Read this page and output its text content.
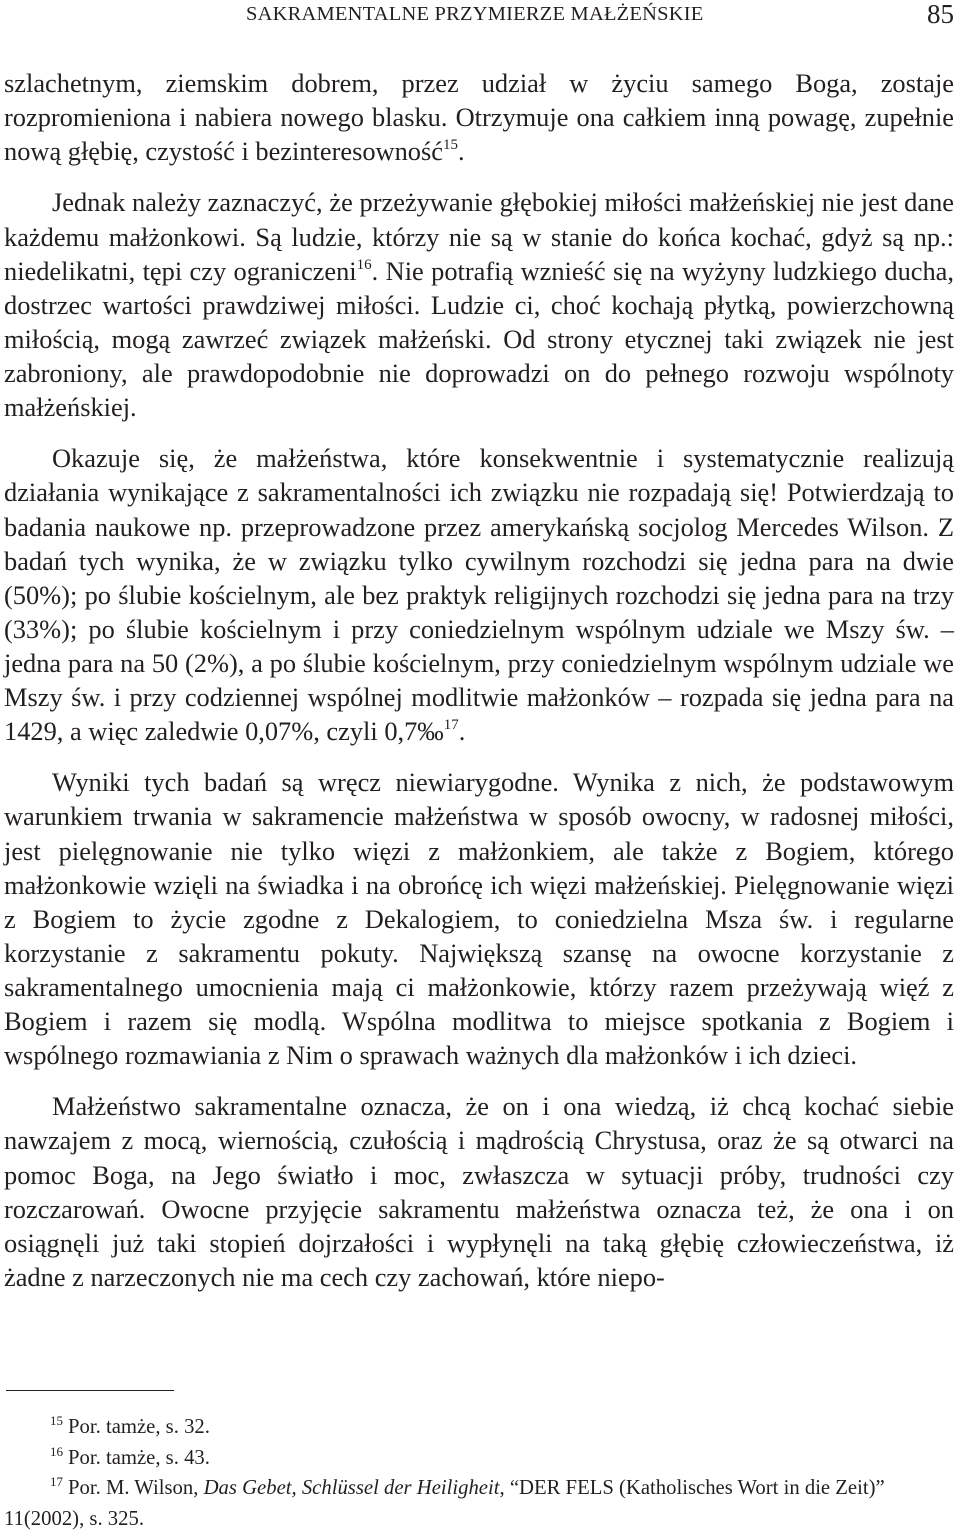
SAKRAMENTALNE PRZYMIERZE MAŁŻEŃSKIE	85

szlachetnym, ziemskim dobrem, przez udział w życiu samego Boga, zostaje rozpromieniona i nabiera nowego blasku. Otrzymuje ona całkiem inną powagę, zupełnie nową głębię, czystość i bezinteresowność$^{15}$.

Jednak należy zaznaczyć, że przeżywanie głębokiej miłości małżeńskiej nie jest dane każdemu małżonkowi. Są ludzie, którzy nie są w stanie do końca kochać, gdyż są np.: niedelikatni, tępi czy ograniczeni$^{16}$. Nie potrafią wznieść się na wyżyny ludzkiego ducha, dostrzec wartości prawdziwej miłości. Ludzie ci, choć kochają płytką, powierzchowną miłością, mogą zawrzeć związek małżeński. Od strony etycznej taki związek nie jest zabroniony, ale prawdopodobnie nie doprowadzi on do pełnego rozwoju wspólnoty małżeńskiej.

Okazuje się, że małżeństwa, które konsekwentnie i systematycznie realizują działania wynikające z sakramentalności ich związku nie rozpadają się! Potwierdzają to badania naukowe np. przeprowadzone przez amerykańską socjolog Mercedes Wilson. Z badań tych wynika, że w związku tylko cywilnym rozchodzi się jedna para na dwie (50%); po ślubie kościelnym, ale bez praktyk religijnych rozchodzi się jedna para na trzy (33%); po ślubie kościelnym i przy coniedzielnym wspólnym udziale we Mszy św. – jedna para na 50 (2%), a po ślubie kościelnym, przy coniedzielnym wspólnym udziale we Mszy św. i przy codziennej wspólnej modlitwie małżonków – rozpada się jedna para na 1429, a więc zaledwie 0,07%, czyli 0,7‰$^{17}$.

Wyniki tych badań są wręcz niewiarygodne. Wynika z nich, że podstawowym warunkiem trwania w sakramencie małżeństwa w sposób owocny, w radosnej miłości, jest pielęgnowanie nie tylko więzi z małżonkiem, ale także z Bogiem, którego małżonkowie wzięli na świadka i na obrońcę ich więzi małżeńskiej. Pielęgnowanie więzi z Bogiem to życie zgodne z Dekalogiem, to coniedzielna Msza św. i regularne korzystanie z sakramentu pokuty. Największą szansę na owocne korzystanie z sakramentalnego umocnienia mają ci małżonkowie, którzy razem przeżywają więź z Bogiem i razem się modlą. Wspólna modlitwa to miejsce spotkania z Bogiem i wspólnego rozmawiania z Nim o sprawach ważnych dla małżonków i ich dzieci.

Małżeństwo sakramentalne oznacza, że on i ona wiedzą, iż chcą kochać siebie nawzajem z mocą, wiernością, czułością i mądrością Chrystusa, oraz że są otwarci na pomoc Boga, na Jego światło i moc, zwłaszcza w sytuacji próby, trudności czy rozczarowań. Owocne przyjęcie sakramentu małżeństwa oznacza też, że ona i on osiągnęli już taki stopień dojrzałości i wypłynęli na taką głębię człowieczeństwa, iż żadne z narzeczonych nie ma cech czy zachowań, które niepo-

$^{15}$ Por. tamże, s. 32.

$^{16}$ Por. tamże, s. 43.

$^{17}$ Por. M. Wilson, Das Gebet, Schlüssel der Heiligheit, “DER FELS (Katholisches Wort in die Zeit)” 11(2002), s. 325.
